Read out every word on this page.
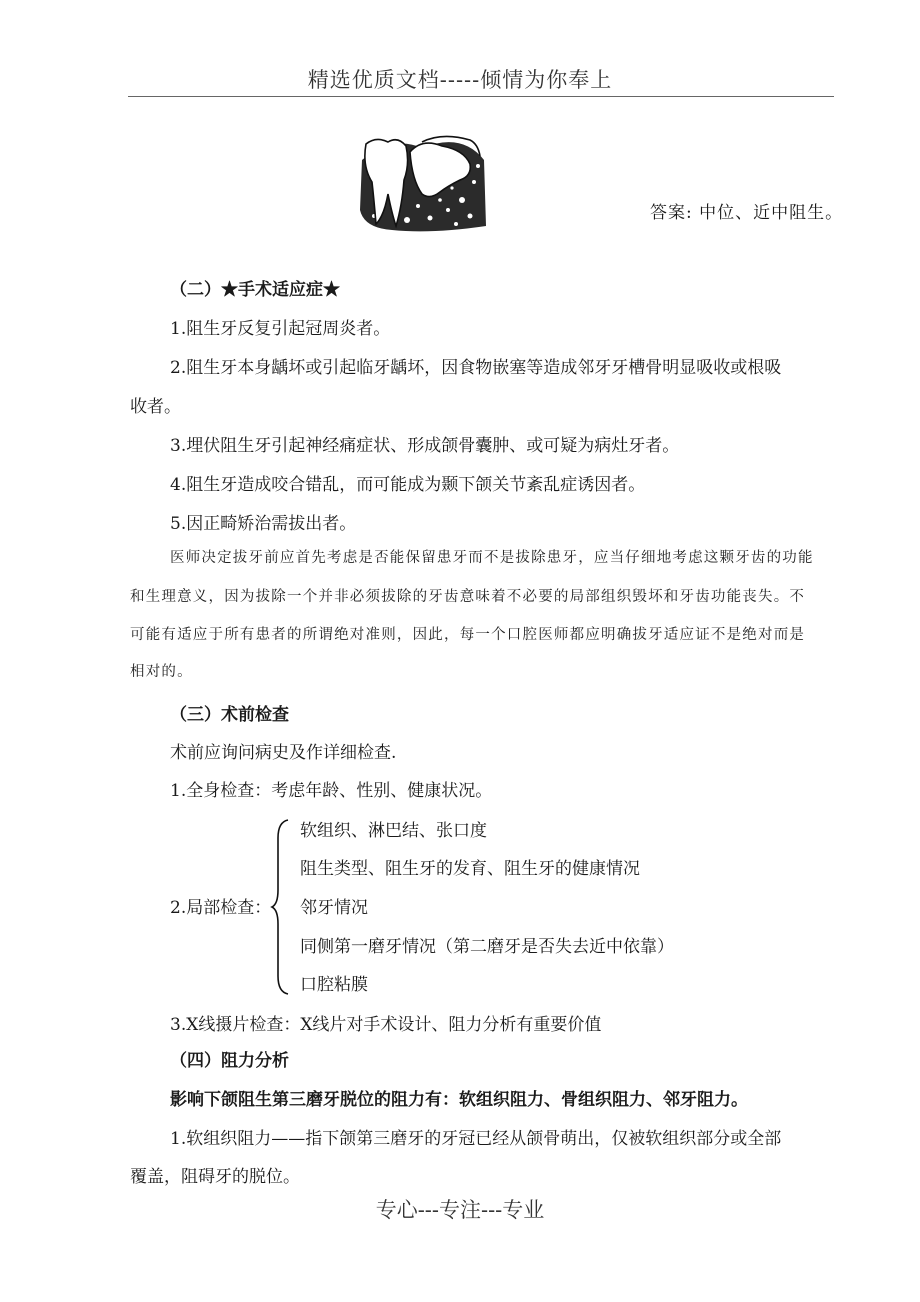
精选优质文档-----倾情为你奉上
答案: 中位、近中阻生。
（二）★手术适应症★
1.阻生牙反复引起冠周炎者。
2.阻生牙本身龋坏或引起临牙龋坏，因食物嵌塞等造成邻牙牙槽骨明显吸收或根吸
收者。
3.埋伏阻生牙引起神经痛症状、形成颌骨囊肿、或可疑为病灶牙者。
4.阻生牙造成咬合错乱，而可能成为颞下颌关节紊乱症诱因者。
5.因正畸矫治需拔出者。
医师决定拔牙前应首先考虑是否能保留患牙而不是拔除患牙，应当仔细地考虑这颗牙齿的功能
和生理意义，因为拔除一个并非必须拔除的牙齿意味着不必要的局部组织毁坏和牙齿功能丧失。不
可能有适应于所有患者的所谓绝对准则，因此，每一个口腔医师都应明确拔牙适应证不是绝对而是
相对的。
（三）术前检查
术前应询问病史及作详细检查.
1.全身检查：考虑年龄、性别、健康状况。
2.局部检查：
软组织、淋巴结、张口度
阻生类型、阻生牙的发育、阻生牙的健康情况
邻牙情况
同侧第一磨牙情况（第二磨牙是否失去近中依靠）
口腔粘膜
3.X线摄片检查：X线片对手术设计、阻力分析有重要价值
（四）阻力分析
影响下颌阻生第三磨牙脱位的阻力有：软组织阻力、骨组织阻力、邻牙阻力。
1.软组织阻力——指下颌第三磨牙的牙冠已经从颌骨萌出，仅被软组织部分或全部
覆盖，阻碍牙的脱位。
专心---专注---专业
